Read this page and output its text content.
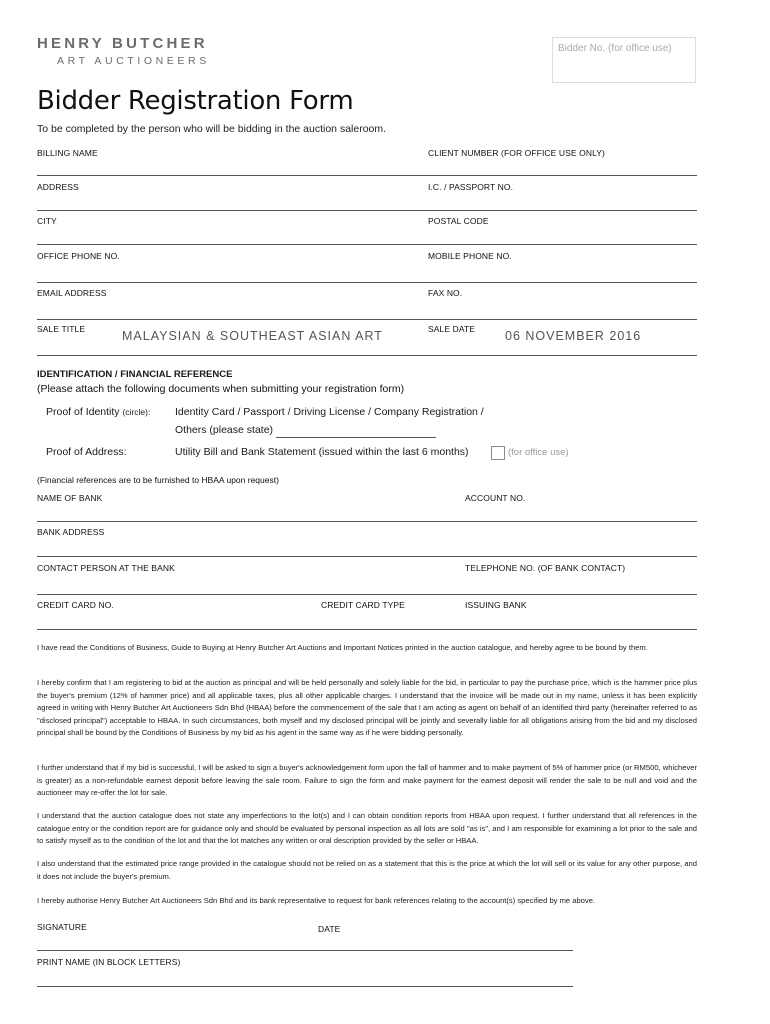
HENRY BUTCHER
ART AUCTIONEERS
Bidder No. (for office use)
Bidder Registration Form
To be completed by the person who will be bidding in the auction saleroom.
BILLING NAME	CLIENT NUMBER (FOR OFFICE USE ONLY)
ADDRESS	I.C. / PASSPORT NO.
CITY	POSTAL CODE
OFFICE PHONE NO.	MOBILE PHONE NO.
EMAIL ADDRESS	FAX NO.
SALE TITLE	MALAYSIAN & SOUTHEAST ASIAN ART	SALE DATE 06 NOVEMBER 2016
IDENTIFICATION / FINANCIAL REFERENCE
(Please attach the following documents when submitting your registration form)
Proof of Identity (circle): Identity Card / Passport / Driving License / Company Registration /
Others (please state)
Proof of Address:	Utility Bill and Bank Statement (issued within the last 6 months)	(for office use)
(Financial references are to be furnished to HBAA upon request)
NAME OF BANK	ACCOUNT NO.
BANK ADDRESS
CONTACT PERSON AT THE BANK	TELEPHONE NO. (OF BANK CONTACT)
CREDIT CARD NO.	CREDIT CARD TYPE	ISSUING BANK
I have read the Conditions of Business, Guide to Buying at Henry Butcher Art Auctions and Important Notices printed in the auction catalogue, and hereby agree to be bound by them.
I hereby confirm that I am registering to bid at the auction as principal and will be held personally and solely liable for the bid, in particular to pay the purchase price, which is the hammer price plus the buyer's premium (12% of hammer price) and all applicable taxes, plus all other applicable charges. I understand that the invoice will be made out in my name, unless it has been explicitly agreed in writing with Henry Butcher Art Auctioneers Sdn Bhd (HBAA) before the commencement of the sale that I am acting as agent on behalf of an identified third party (hereinafter referred to as "disclosed principal") acceptable to HBAA. In such circumstances, both myself and my disclosed principal will be jointly and severally liable for all obligations arising from the bid and my disclosed principal shall be bound by the Conditions of Business by my bid as his agent in the same way as if he were bidding personally.
I further understand that if my bid is successful, I will be asked to sign a buyer's acknowledgement form upon the fall of hammer and to make payment of 5% of hammer price (or RM500, whichever is greater) as a non-refundable earnest deposit before leaving the sale room. Failure to sign the form and make payment for the earnest deposit will render the sale to be null and void and the auctioneer may re-offer the lot for sale.
I understand that the auction catalogue does not state any imperfections to the lot(s) and I can obtain condition reports from HBAA upon request. I further understand that all references in the catalogue entry or the condition report are for guidance only and should be evaluated by personal inspection as all lots are sold "as is", and I am responsible for examining a lot prior to the sale and to satisfy myself as to the condition of the lot and that the lot matches any written or oral description provided by the seller or HBAA.
I also understand that the estimated price range provided in the catalogue should not be relied on as a statement that this is the price at which the lot will sell or its value for any other purpose, and it does not include the buyer's premium.
I hereby authorise Henry Butcher Art Auctioneers Sdn Bhd and its bank representative to request for bank references relating to the account(s) specified by me above.
SIGNATURE	DATE
PRINT NAME (IN BLOCK LETTERS)
